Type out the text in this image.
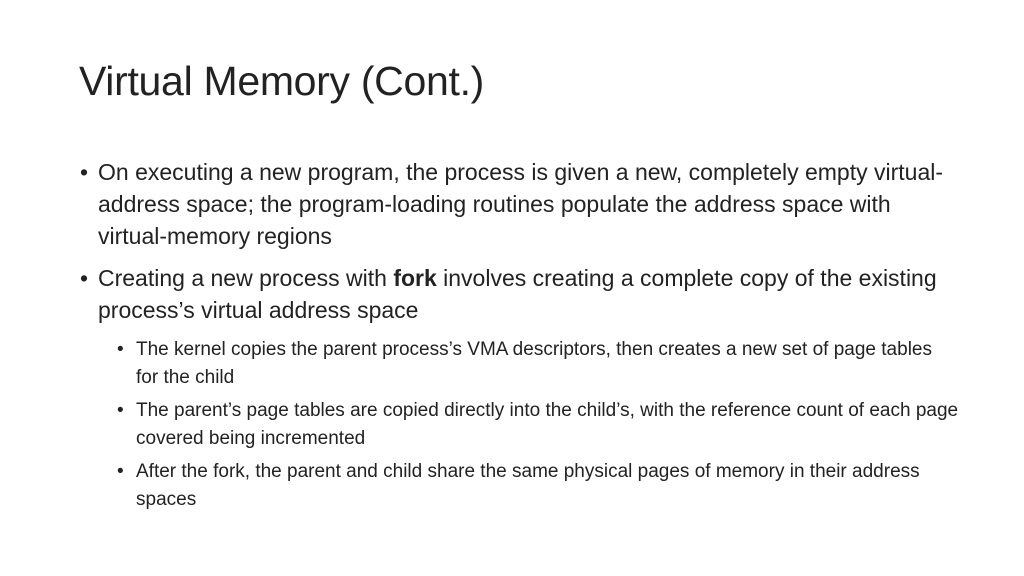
Virtual Memory (Cont.)
• On executing a new program, the process is given a new, completely empty virtual-address space; the program-loading routines populate the address space with virtual-memory regions
• Creating a new process with fork involves creating a complete copy of the existing process’s virtual address space
• The kernel copies the parent process’s VMA descriptors, then creates a new set of page tables for the child
• The parent’s page tables are copied directly into the child’s, with the reference count of each page covered being incremented
• After the fork, the parent and child share the same physical pages of memory in their address spaces
